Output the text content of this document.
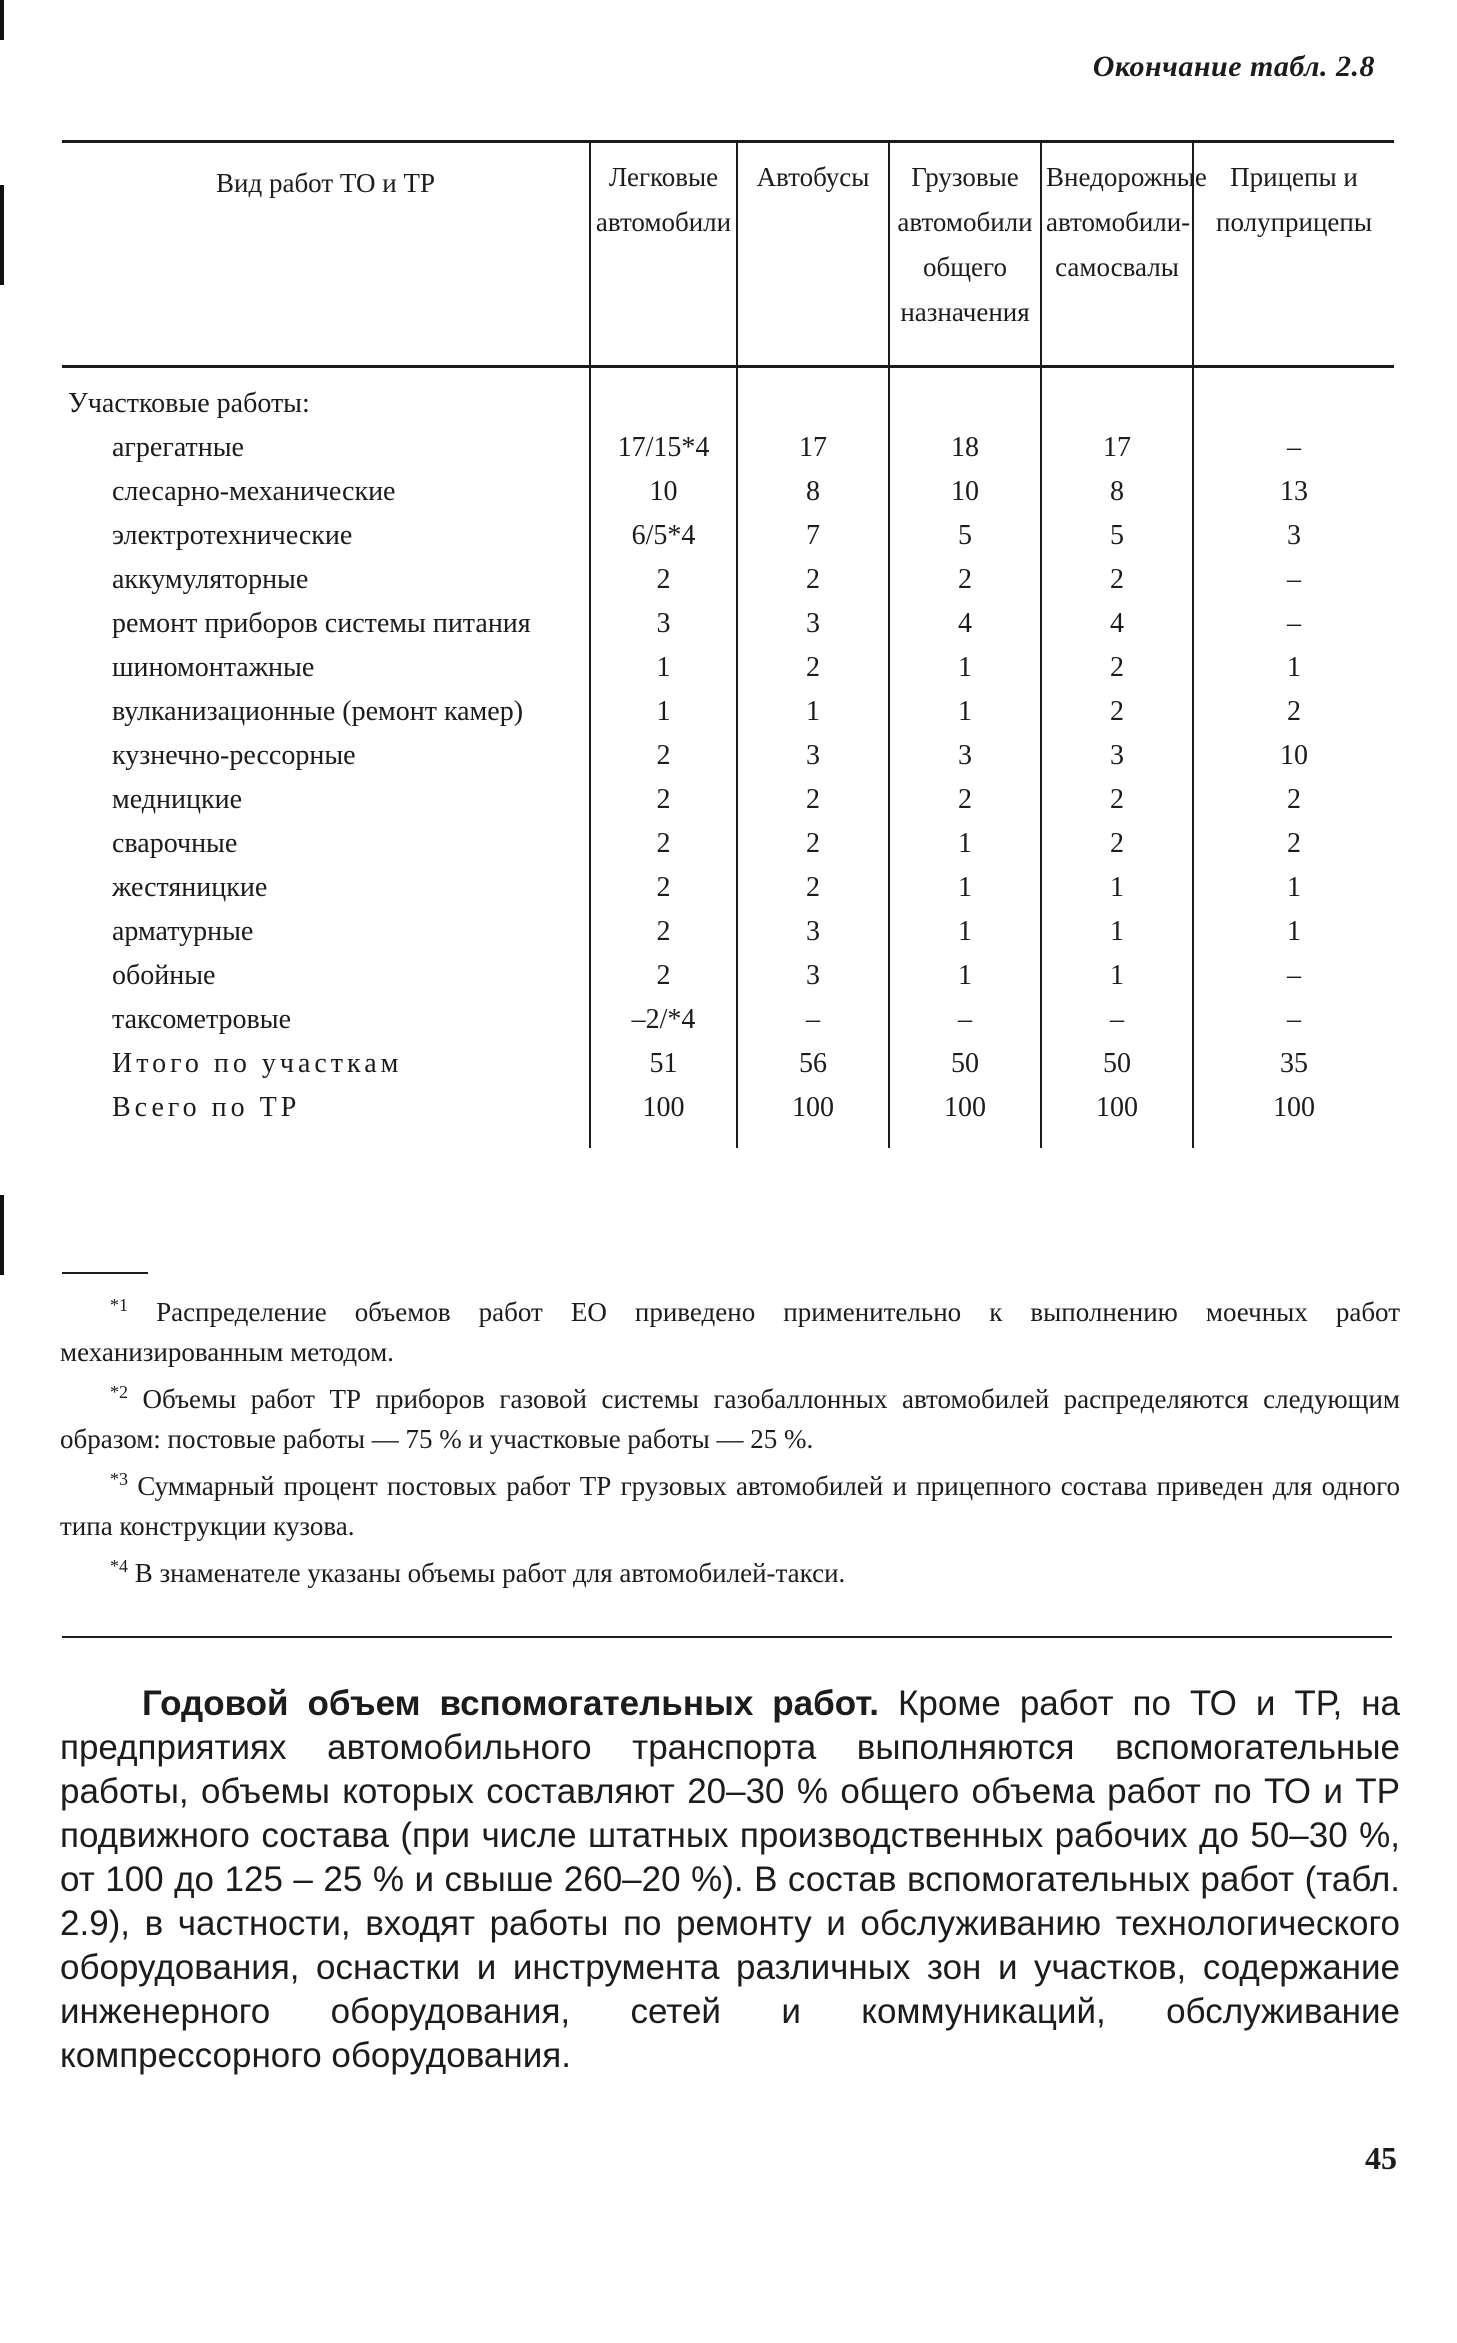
Окончание табл. 2.8
Вид работ ТО и ТР	Легковые автомобили	Автобусы	Грузовые автомобили общего назначения	Внедорожные автомобили-самосвалы	Прицепы и полуприцепы
Участковые работы:					
агрегатные	17/15*4	17	18	17	–
слесарно-механические	10	8	10	8	13
электротехнические	6/5*4	7	5	5	3
аккумуляторные	2	2	2	2	–
ремонт приборов системы питания	3	3	4	4	–
шиномонтажные	1	2	1	2	1
вулканизационные (ремонт камер)	1	1	1	2	2
кузнечно-рессорные	2	3	3	3	10
медницкие	2	2	2	2	2
сварочные	2	2	1	2	2
жестяницкие	2	2	1	1	1
арматурные	2	3	1	1	1
обойные	2	3	1	1	–
таксометровые	–2/*4	–	–	–	–
Итого по участкам	51	56	50	50	35
Всего по ТР	100	100	100	100	100

$^{*1}$ Распределение объемов работ ЕО приведено применительно к выполнению моечных работ механизированным методом.

$^{*2}$ Объемы работ ТР приборов газовой системы газобаллонных автомобилей распределяются следующим образом: постовые работы — 75 % и участковые работы — 25 %.

$^{*3}$ Суммарный процент постовых работ ТР грузовых автомобилей и прицепного состава приведен для одного типа конструкции кузова.

$^{*4}$ В знаменателе указаны объемы работ для автомобилей-такси.

Годовой объем вспомогательных работ. Кроме работ по ТО и ТР, на предприятиях автомобильного транспорта выполняются вспомогательные работы, объемы которых составляют 20–30 % общего объема работ по ТО и ТР подвижного состава (при числе штатных производственных рабочих до 50–30 %, от 100 до 125 – 25 % и свыше 260–20 %). В состав вспомогательных работ (табл. 2.9), в частности, входят работы по ремонту и обслуживанию технологического оборудования, оснастки и инструмента различных зон и участков, содержание инженерного оборудования, сетей и коммуникаций, обслуживание компрессорного оборудования.

45
